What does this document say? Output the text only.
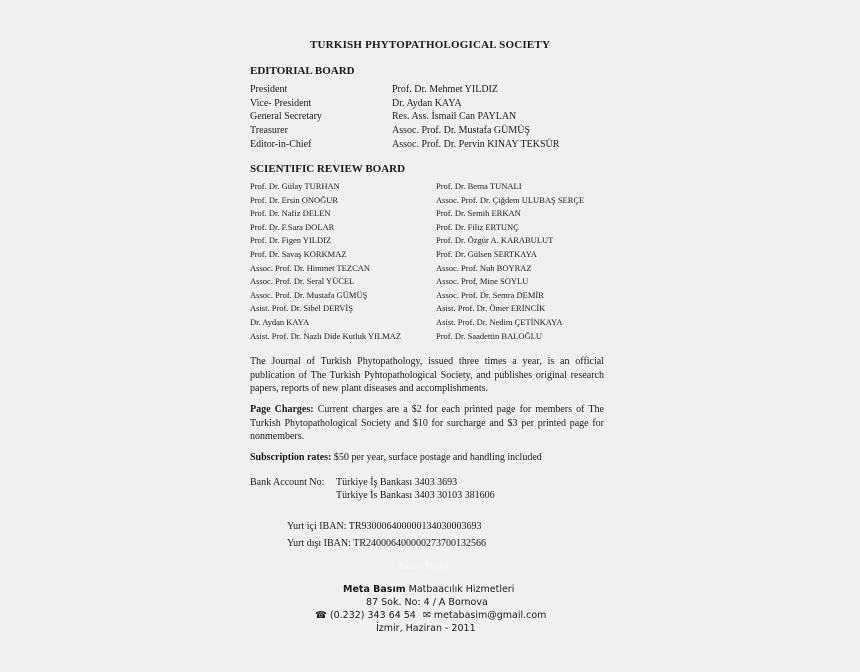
TURKISH PHYTOPATHOLOGICAL SOCIETY
EDITORIAL BOARD
President	Prof. Dr. Mehmet YILDIZ
Vice- President	Dr. Aydan KAYA
General Secretary	Res. Ass. İsmail Can PAYLAN
Treasurer	Assoc. Prof. Dr. Mustafa GÜMÜŞ
Editor-in-Chief	Assoc. Prof. Dr. Pervin KINAY TEKSÜR
SCIENTIFIC REVIEW BOARD
Prof. Dr. Gülay TURHAN	Prof. Dr. Berna TUNALI
Prof. Dr. Ersin ONOĞUR	Assoc. Prof. Dr. Çiğdem ULUBAŞ SERÇE
Prof. Dr. Nafiz DELEN	Prof. Dr. Semih ERKAN
Prof. Dr. F.Sara DOLAR	Prof. Dr. Filiz ERTUNÇ
Prof. Dr. Figen YILDIZ	Prof. Dr. Özgür A. KARABULUT
Prof. Dr. Savaş KORKMAZ	Prof. Dr. Gülsen SERTKAYA
Assoc. Prof. Dr. Himmet TEZCAN	Assoc. Prof. Nuh BOYRAZ
Assoc. Prof. Dr. Seral YÜCEL	Assoc. Prof. Mine SOYLU
Assoc. Prof. Dr. Mustafa GÜMÜŞ	Assoc. Prof. Dr. Semra DEMİR
Asist. Prof. Dr. Sibel DERVİŞ	Asist. Prof. Dr. Ömer ERİNCİK
Dr. Aydan KAYA	Asist. Prof. Dr. Nedim ÇETİNKAYA
Asist. Prof. Dr. Nazlı Dide Kutluk YILMAZ	Prof. Dr. Saadettin BALOĞLU
The Journal of Turkish Phytopathology, issued three times a year, is an official publication of The Turkish Pyhtopathological Society, and publishes original research papers, reports of new plant diseases and accomplishments.
Page Charges: Current charges are a $2 for each printed page for members of The Turkish Phytopathological Society and $10 for surcharge and $3 per printed page for nonmembers.
Subscription rates: $50 per year, surface postage and handling included
Bank Account No: Türkiye İş Bankası 3403 3693
Türkiye İs Bankası 3403 30103 381606
Yurt içi IBAN: TR930006400000134030003693
Yurt dışı IBAN: TR240006400000273700132566
Baskı Tarihi
Meta Basım Matbaacılık Hizmetleri
87 Sok. No: 4 / A Bornova
☎ (0.232) 343 64 54 ✉ metabasim@gmail.com
İzmir, Haziran - 2011
